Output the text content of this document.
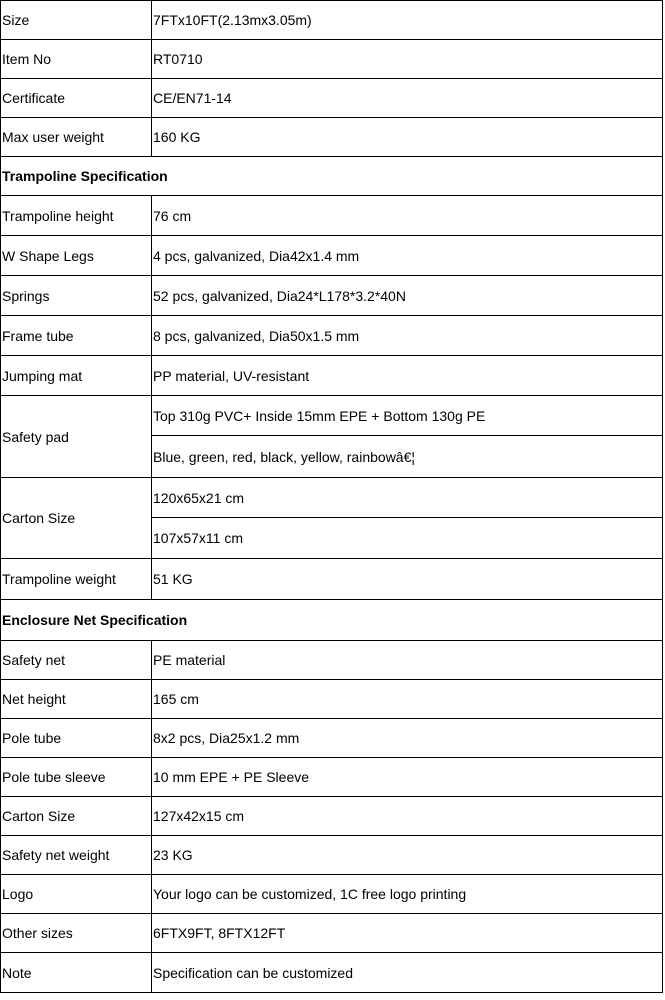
Size	7FTx10FT(2.13mx3.05m)
Item No	RT0710
Certificate	CE/EN71-14
Max user weight	160 KG
Trampoline Specification	
Trampoline height	76 cm
W Shape Legs	4 pcs, galvanized, Dia42x1.4 mm
Springs	52 pcs, galvanized, Dia24*L178*3.2*40N
Frame tube	8 pcs, galvanized, Dia50x1.5 mm
Jumping mat	PP material, UV-resistant
Safety pad	Top 310g PVC+ Inside 15mm EPE + Bottom 130g PE
	Blue, green, red, black, yellow, rainbowâ€¦
Carton Size	120x65x21 cm
	107x57x11 cm
Trampoline weight	51 KG
Enclosure Net Specification	
Safety net	PE material
Net height	165 cm
Pole tube	8x2 pcs, Dia25x1.2 mm
Pole tube sleeve	10 mm EPE + PE Sleeve
Carton Size	127x42x15 cm
Safety net weight	23 KG
Logo	Your logo can be customized, 1C free logo printing
Other sizes	6FTX9FT, 8FTX12FT
Note	Specification can be customized
